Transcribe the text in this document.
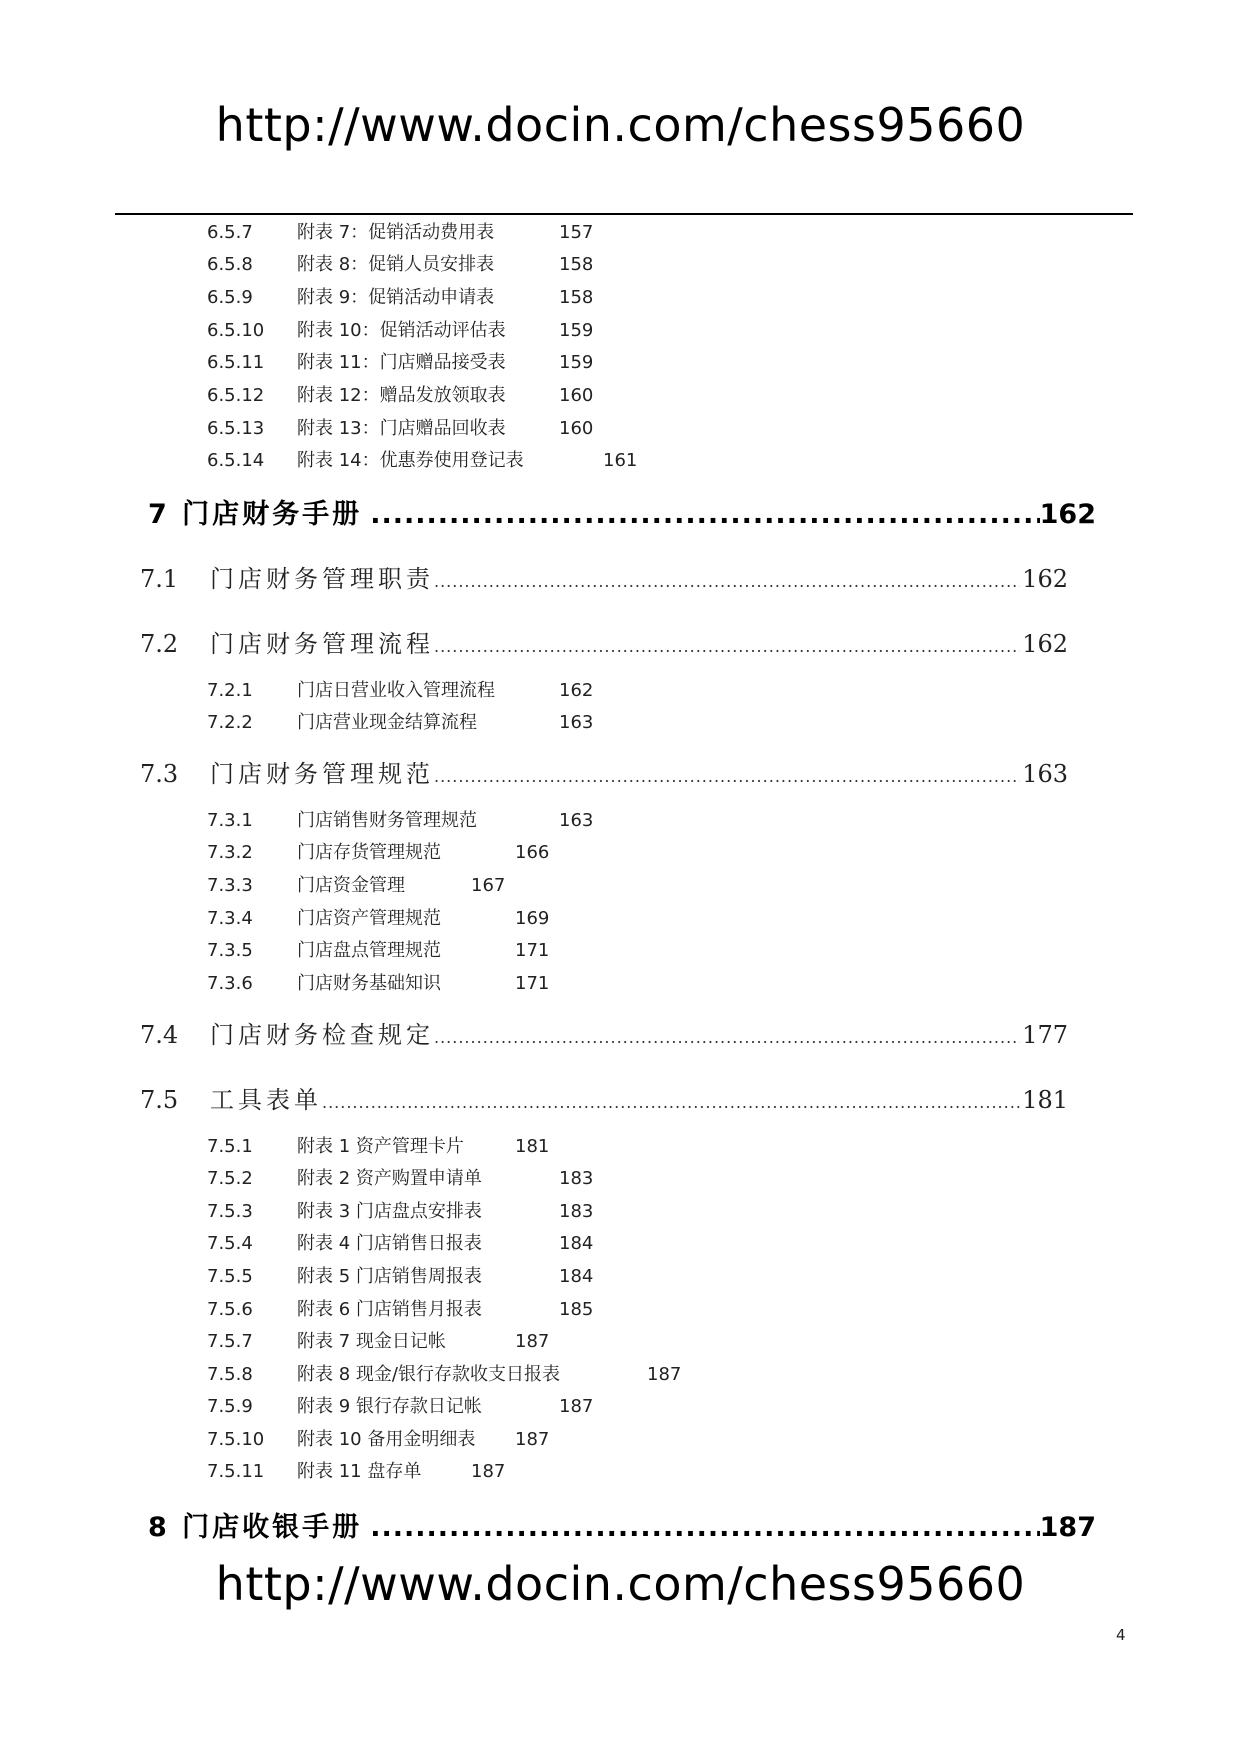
http://www.docin.com/chess95660
6.5.7 附表 7：促销活动费用表	157
6.5.8 附表 8：促销人员安排表	158
6.5.9 附表 9：促销活动申请表	158
6.5.10 附表 10：促销活动评估表	159
6.5.11 附表 11：门店赠品接受表	159
6.5.12 附表 12：赠品发放领取表	160
6.5.13 附表 13：门店赠品回收表	160
6.5.14 附表 14：优惠券使用登记表	161
7 门店财务手册 .....	162
7.1	门店财务管理职责 .....	162
7.2	门店财务管理流程 .....	162
7.2.1 门店日营业收入管理流程	162
7.2.2 门店营业现金结算流程	163
7.3	门店财务管理规范 .....	163
7.3.1 门店销售财务管理规范	163
7.3.2 门店存货管理规范	166
7.3.3 门店资金管理	167
7.3.4 门店资产管理规范	169
7.3.5 门店盘点管理规范	171
7.3.6 门店财务基础知识	171
7.4	门店财务检查规定 .....	177
7.5	工具表单 .....	181
7.5.1 附表 1 资产管理卡片	181
7.5.2 附表 2 资产购置申请单	183
7.5.3 附表 3 门店盘点安排表	183
7.5.4 附表 4 门店销售日报表	184
7.5.5 附表 5 门店销售周报表	184
7.5.6 附表 6 门店销售月报表	185
7.5.7 附表 7 现金日记帐	187
7.5.8 附表 8 现金/银行存款收支日报表	187
7.5.9 附表 9 银行存款日记帐	187
7.5.10 附表 10 备用金明细表 187
7.5.11 附表 11 盘存单	187
8 门店收银手册 .....	187
http://www.docin.com/chess95660
4
